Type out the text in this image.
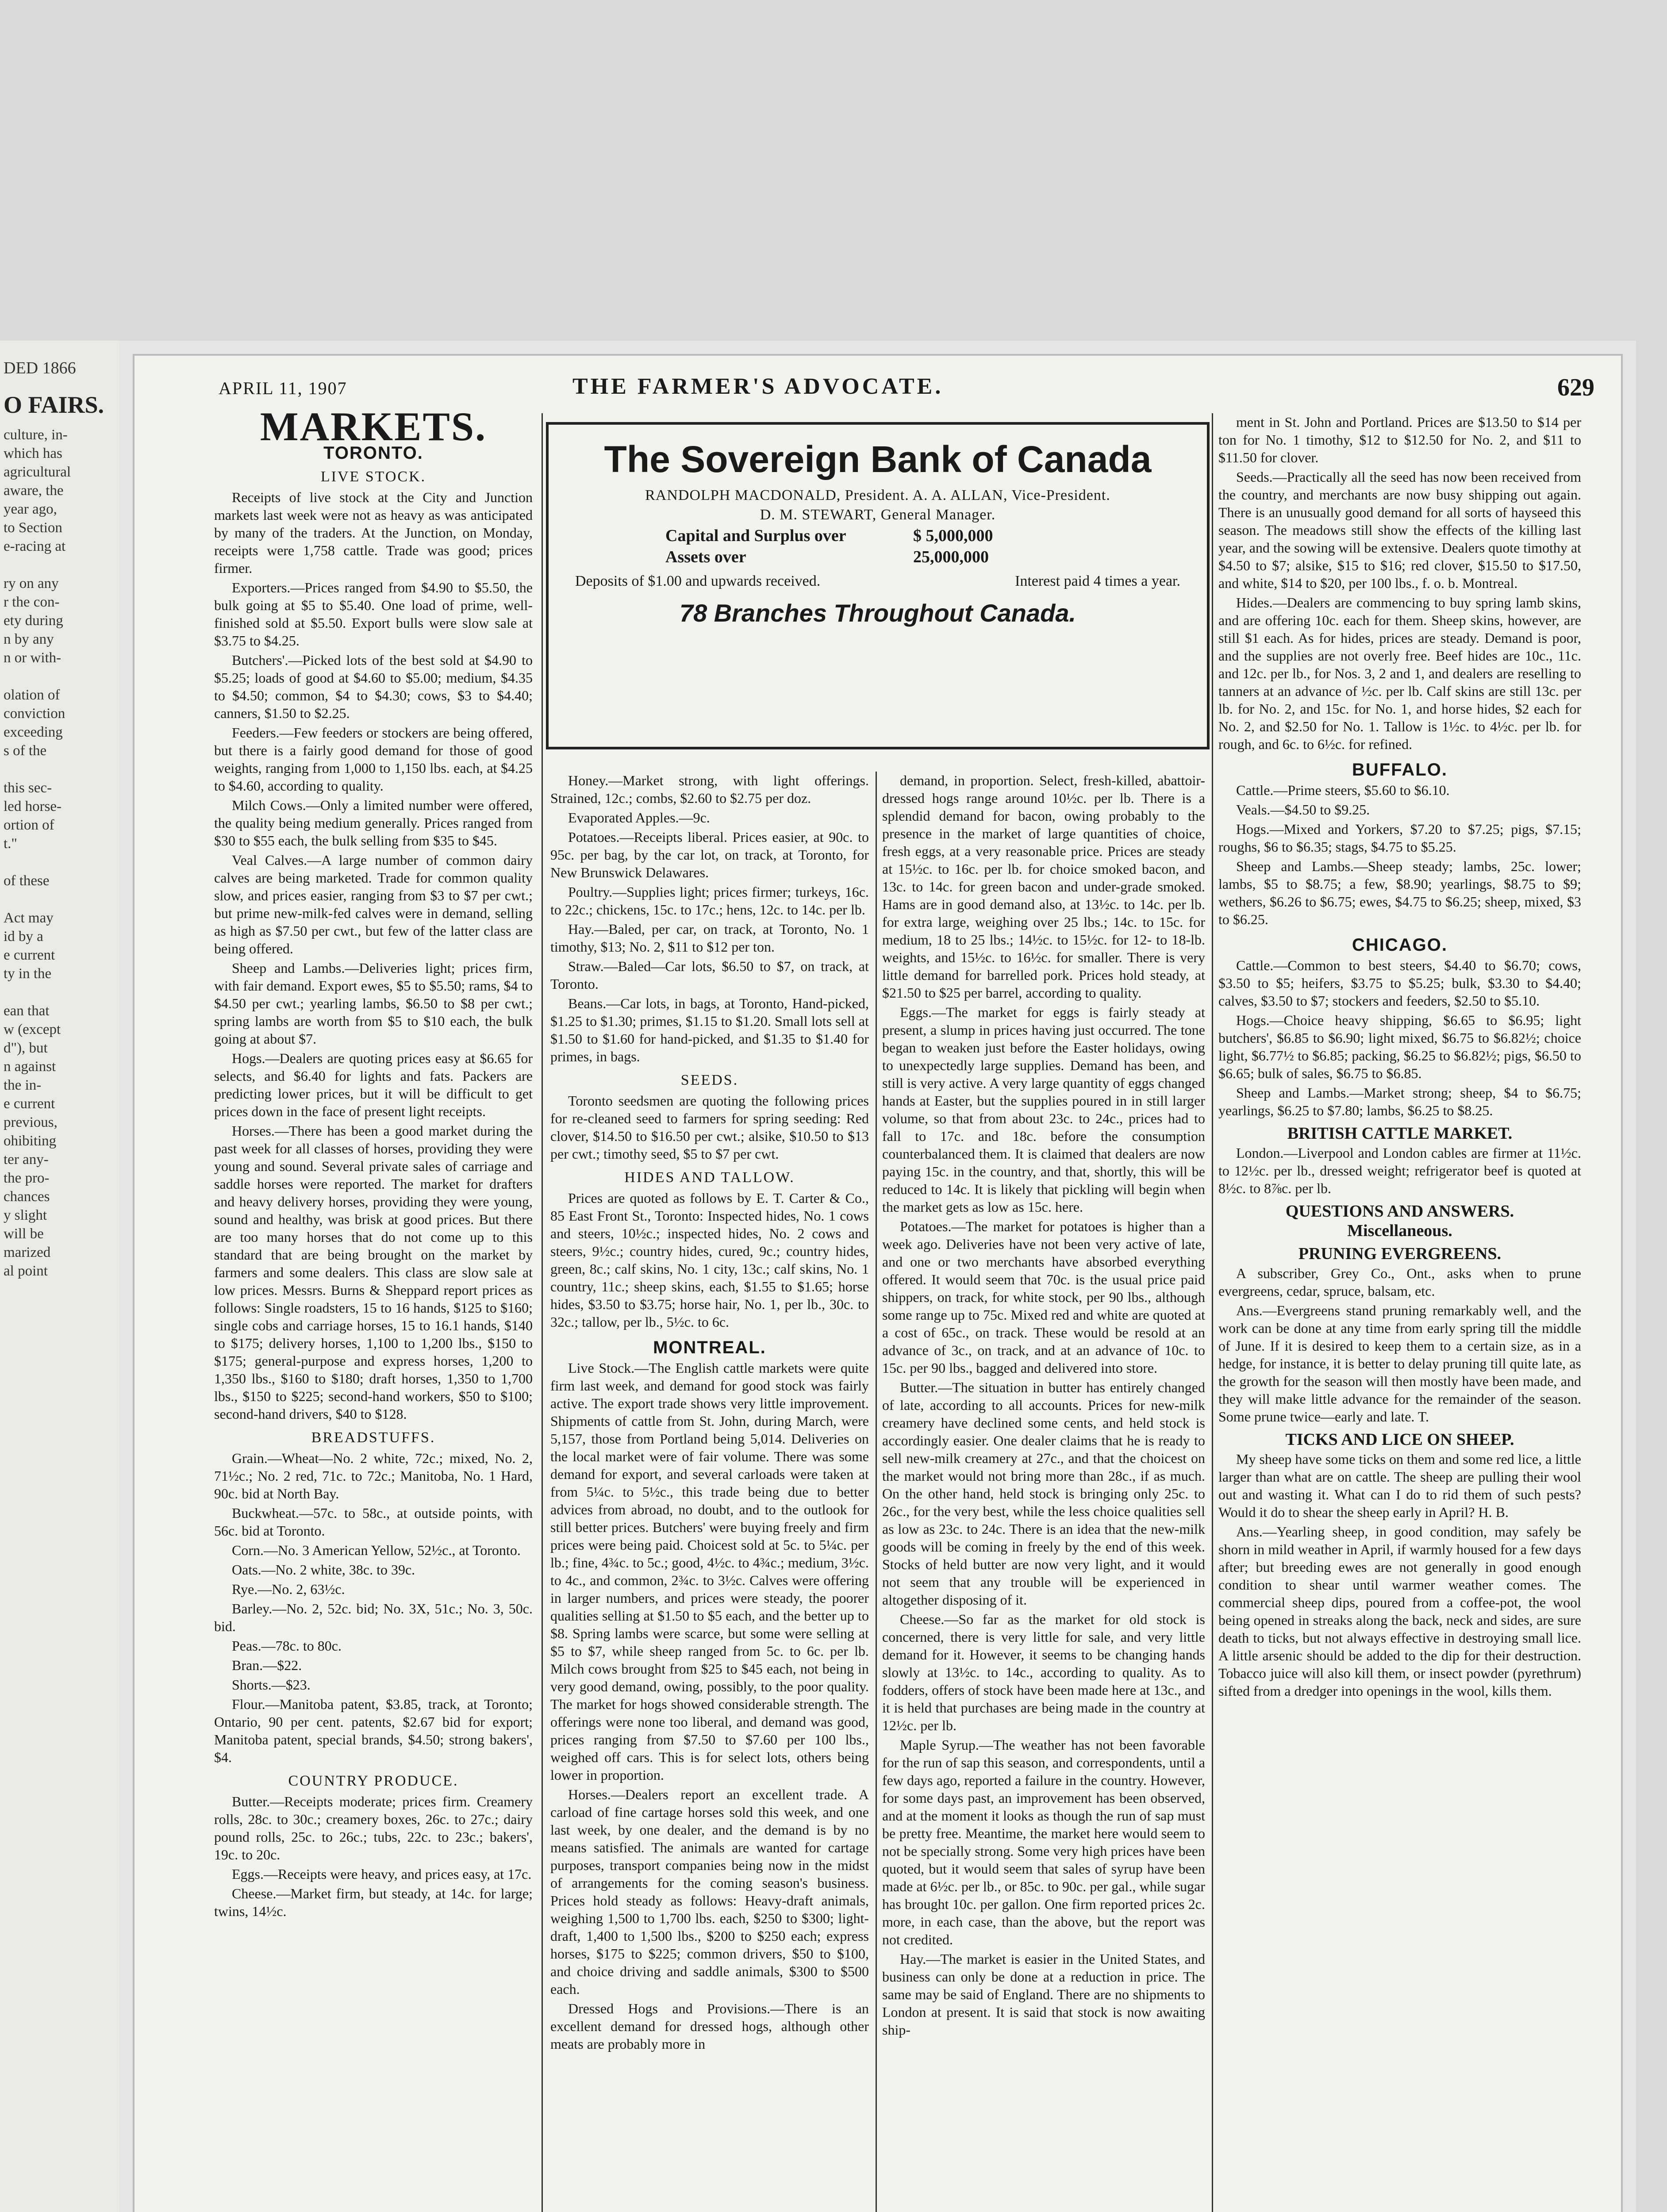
DED 1866
O FAIRS.
culture, in-
which has
agricultural
aware, the
year ago,
to Section
e-racing at

ry on any
r the con-
ety during
n by any
n or with-

olation of
conviction
exceeding
s of the

this sec-
led horse-
ortion of
t."

of these

Act may
id by a
e current
ty in the

ean that
w (except
d"), but
n against
the in-
e current
previous,
ohibiting
ter any-
the pro-
chances
y slight
will be
marized
al point
APRIL 11, 1907	THE FARMER'S ADVOCATE.	629
MARKETS.
TORONTO.
LIVE STOCK.

Receipts of live stock at the City and Junction markets last week were not as heavy as was anticipated by many of the traders. At the Junction, on Monday, receipts were 1,758 cattle. Trade was good; prices firmer.

Exporters.—Prices ranged from $4.90 to $5.50, the bulk going at $5 to $5.40. One load of prime, well-finished sold at $5.50. Export bulls were slow sale at $3.75 to $4.25.

Butchers'.—Picked lots of the best sold at $4.90 to $5.25; loads of good at $4.60 to $5.00; medium, $4.35 to $4.50; common, $4 to $4.30; cows, $3 to $4.40; canners, $1.50 to $2.25.

Feeders.—Few feeders or stockers are being offered, but there is a fairly good demand for those of good weights, ranging from 1,000 to 1,150 lbs. each, at $4.25 to $4.60, according to quality.

Milch Cows.—Only a limited number were offered, the quality being medium generally. Prices ranged from $30 to $55 each, the bulk selling from $35 to $45.

Veal Calves.—A large number of common dairy calves are being marketed. Trade for common quality slow, and prices easier, ranging from $3 to $7 per cwt.; but prime new-milk-fed calves were in demand, selling as high as $7.50 per cwt., but few of the latter class are being offered.

Sheep and Lambs.—Deliveries light; prices firm, with fair demand. Export ewes, $5 to $5.50; rams, $4 to $4.50 per cwt.; yearling lambs, $6.50 to $8 per cwt.; spring lambs are worth from $5 to $10 each, the bulk going at about $7.

Hogs.—Dealers are quoting prices easy at $6.65 for selects, and $6.40 for lights and fats. Packers are predicting lower prices, but it will be difficult to get prices down in the face of present light receipts.

Horses.—There has been a good market during the past week for all classes of horses, providing they were young and sound. Several private sales of carriage and saddle horses were reported. The market for drafters and heavy delivery horses, providing they were young, sound and healthy, was brisk at good prices. But there are too many horses that do not come up to this standard that are being brought on the market by farmers and some dealers. This class are slow sale at low prices. Messrs. Burns & Sheppard report prices as follows: Single roadsters, 15 to 16 hands, $125 to $160; single cobs and carriage horses, 15 to 16.1 hands, $140 to $175; delivery horses, 1,100 to 1,200 lbs., $150 to $175; general-purpose and express horses, 1,200 to 1,350 lbs., $160 to $180; draft horses, 1,350 to 1,700 lbs., $150 to $225; second-hand workers, $50 to $100; second-hand drivers, $40 to $128.

BREADSTUFFS.

Grain.—Wheat—No. 2 white, 72c.; mixed, No. 2, 71½c.; No. 2 red, 71c. to 72c.; Manitoba, No. 1 Hard, 90c. bid at North Bay.

Buckwheat.—57c. to 58c., at outside points, with 56c. bid at Toronto.

Corn.—No. 3 American Yellow, 52½c., at Toronto.

Oats.—No. 2 white, 38c. to 39c.

Rye.—No. 2, 63½c.

Barley.—No. 2, 52c. bid; No. 3X, 51c.; No. 3, 50c. bid.

Peas.—78c. to 80c.

Bran.—$22.

Shorts.—$23.

Flour.—Manitoba patent, $3.85, track, at Toronto; Ontario, 90 per cent. patents, $2.67 bid for export; Manitoba patent, special brands, $4.50; strong bakers', $4.

COUNTRY PRODUCE.

Butter.—Receipts moderate; prices firm. Creamery rolls, 28c. to 30c.; creamery boxes, 26c. to 27c.; dairy pound rolls, 25c. to 26c.; tubs, 22c. to 23c.; bakers', 19c. to 20c.

Eggs.—Receipts were heavy, and prices easy, at 17c.

Cheese.—Market firm, but steady, at 14c. for large; twins, 14½c.

The Sovereign Bank of Canada
RANDOLPH MACDONALD, President. A. A. ALLAN, Vice-President.
D. M. STEWART, General Manager.
Capital and Surplus over	$ 5,000,000
Assets over	25,000,000
Deposits of $1.00 and upwards received.	Interest paid 4 times a year.
78 Branches Throughout Canada.

Honey.—Market strong, with light offerings. Strained, 12c.; combs, $2.60 to $2.75 per doz.

Evaporated Apples.—9c.

Potatoes.—Receipts liberal. Prices easier, at 90c. to 95c. per bag, by the car lot, on track, at Toronto, for New Brunswick Delawares.

Poultry.—Supplies light; prices firmer; turkeys, 16c. to 22c.; chickens, 15c. to 17c.; hens, 12c. to 14c. per lb.

Hay.—Baled, per car, on track, at Toronto, No. 1 timothy, $13; No. 2, $11 to $12 per ton.

Straw.—Baled—Car lots, $6.50 to $7, on track, at Toronto.

Beans.—Car lots, in bags, at Toronto, Hand-picked, $1.25 to $1.30; primes, $1.15 to $1.20. Small lots sell at $1.50 to $1.60 for hand-picked, and $1.35 to $1.40 for primes, in bags.

SEEDS.

Toronto seedsmen are quoting the following prices for re-cleaned seed to farmers for spring seeding: Red clover, $14.50 to $16.50 per cwt.; alsike, $10.50 to $13 per cwt.; timothy seed, $5 to $7 per cwt.

HIDES AND TALLOW.

Prices are quoted as follows by E. T. Carter & Co., 85 East Front St., Toronto: Inspected hides, No. 1 cows and steers, 10½c.; inspected hides, No. 2 cows and steers, 9½c.; country hides, cured, 9c.; country hides, green, 8c.; calf skins, No. 1 city, 13c.; calf skins, No. 1 country, 11c.; sheep skins, each, $1.55 to $1.65; horse hides, $3.50 to $3.75; horse hair, No. 1, per lb., 30c. to 32c.; tallow, per lb., 5½c. to 6c.

MONTREAL.

Live Stock.—The English cattle markets were quite firm last week, and demand for good stock was fairly active. The export trade shows very little improvement. Shipments of cattle from St. John, during March, were 5,157, those from Portland being 5,014. Deliveries on the local market were of fair volume. There was some demand for export, and several carloads were taken at from 5¼c. to 5½c., this trade being due to better advices from abroad, no doubt, and to the outlook for still better prices. Butchers' were buying freely and firm prices were being paid. Choicest sold at 5c. to 5¼c. per lb.; fine, 4¾c. to 5c.; good, 4½c. to 4¾c.; medium, 3½c. to 4c., and common, 2¾c. to 3½c. Calves were offering in larger numbers, and prices were steady, the poorer qualities selling at $1.50 to $5 each, and the better up to $8. Spring lambs were scarce, but some were selling at $5 to $7, while sheep ranged from 5c. to 6c. per lb. Milch cows brought from $25 to $45 each, not being in very good demand, owing, possibly, to the poor quality. The market for hogs showed considerable strength. The offerings were none too liberal, and demand was good, prices ranging from $7.50 to $7.60 per 100 lbs., weighed off cars. This is for select lots, others being lower in proportion.

Horses.—Dealers report an excellent trade. A carload of fine cartage horses sold this week, and one last week, by one dealer, and the demand is by no means satisfied. The animals are wanted for cartage purposes, transport companies being now in the midst of arrangements for the coming season's business. Prices hold steady as follows: Heavy-draft animals, weighing 1,500 to 1,700 lbs. each, $250 to $300; light-draft, 1,400 to 1,500 lbs., $200 to $250 each; express horses, $175 to $225; common drivers, $50 to $100, and choice driving and saddle animals, $300 to $500 each.

Dressed Hogs and Provisions.—There is an excellent demand for dressed hogs, although other meats are probably more in

demand, in proportion. Select, fresh-killed, abattoir-dressed hogs range around 10½c. per lb. There is a splendid demand for bacon, owing probably to the presence in the market of large quantities of choice, fresh eggs, at a very reasonable price. Prices are steady at 15½c. to 16c. per lb. for choice smoked bacon, and 13c. to 14c. for green bacon and under-grade smoked. Hams are in good demand also, at 13½c. to 14c. per lb. for extra large, weighing over 25 lbs.; 14c. to 15c. for medium, 18 to 25 lbs.; 14½c. to 15½c. for 12- to 18-lb. weights, and 15½c. to 16½c. for smaller. There is very little demand for barrelled pork. Prices hold steady, at $21.50 to $25 per barrel, according to quality.

Eggs.—The market for eggs is fairly steady at present, a slump in prices having just occurred. The tone began to weaken just before the Easter holidays, owing to unexpectedly large supplies. Demand has been, and still is very active. A very large quantity of eggs changed hands at Easter, but the supplies poured in in still larger volume, so that from about 23c. to 24c., prices had to fall to 17c. and 18c. before the consumption counterbalanced them. It is claimed that dealers are now paying 15c. in the country, and that, shortly, this will be reduced to 14c. It is likely that pickling will begin when the market gets as low as 15c. here.

Potatoes.—The market for potatoes is higher than a week ago. Deliveries have not been very active of late, and one or two merchants have absorbed everything offered. It would seem that 70c. is the usual price paid shippers, on track, for white stock, per 90 lbs., although some range up to 75c. Mixed red and white are quoted at a cost of 65c., on track. These would be resold at an advance of 3c., on track, and at an advance of 10c. to 15c. per 90 lbs., bagged and delivered into store.

Butter.—The situation in butter has entirely changed of late, according to all accounts. Prices for new-milk creamery have declined some cents, and held stock is accordingly easier. One dealer claims that he is ready to sell new-milk creamery at 27c., and that the choicest on the market would not bring more than 28c., if as much. On the other hand, held stock is bringing only 25c. to 26c., for the very best, while the less choice qualities sell as low as 23c. to 24c. There is an idea that the new-milk goods will be coming in freely by the end of this week. Stocks of held butter are now very light, and it would not seem that any trouble will be experienced in altogether disposing of it.

Cheese.—So far as the market for old stock is concerned, there is very little for sale, and very little demand for it. However, it seems to be changing hands slowly at 13½c. to 14c., according to quality. As to fodders, offers of stock have been made here at 13c., and it is held that purchases are being made in the country at 12½c. per lb.

Maple Syrup.—The weather has not been favorable for the run of sap this season, and correspondents, until a few days ago, reported a failure in the country. However, for some days past, an improvement has been observed, and at the moment it looks as though the run of sap must be pretty free. Meantime, the market here would seem to not be specially strong. Some very high prices have been quoted, but it would seem that sales of syrup have been made at 6½c. per lb., or 85c. to 90c. per gal., while sugar has brought 10c. per gallon. One firm reported prices 2c. more, in each case, than the above, but the report was not credited.

Hay.—The market is easier in the United States, and business can only be done at a reduction in price. The same may be said of England. There are no shipments to London at present. It is said that stock is now awaiting ship-

ment in St. John and Portland. Prices are $13.50 to $14 per ton for No. 1 timothy, $12 to $12.50 for No. 2, and $11 to $11.50 for clover.

Seeds.—Practically all the seed has now been received from the country, and merchants are now busy shipping out again. There is an unusually good demand for all sorts of hayseed this season. The meadows still show the effects of the killing last year, and the sowing will be extensive. Dealers quote timothy at $4.50 to $7; alsike, $15 to $16; red clover, $15.50 to $17.50, and white, $14 to $20, per 100 lbs., f. o. b. Montreal.

Hides.—Dealers are commencing to buy spring lamb skins, and are offering 10c. each for them. Sheep skins, however, are still $1 each. As for hides, prices are steady. Demand is poor, and the supplies are not overly free. Beef hides are 10c., 11c. and 12c. per lb., for Nos. 3, 2 and 1, and dealers are reselling to tanners at an advance of ½c. per lb. Calf skins are still 13c. per lb. for No. 2, and 15c. for No. 1, and horse hides, $2 each for No. 2, and $2.50 for No. 1. Tallow is 1½c. to 4½c. per lb. for rough, and 6c. to 6½c. for refined.

BUFFALO.

Cattle.—Prime steers, $5.60 to $6.10.

Veals.—$4.50 to $9.25.

Hogs.—Mixed and Yorkers, $7.20 to $7.25; pigs, $7.15; roughs, $6 to $6.35; stags, $4.75 to $5.25.

Sheep and Lambs.—Sheep steady; lambs, 25c. lower; lambs, $5 to $8.75; a few, $8.90; yearlings, $8.75 to $9; wethers, $6.26 to $6.75; ewes, $4.75 to $6.25; sheep, mixed, $3 to $6.25.

CHICAGO.

Cattle.—Common to best steers, $4.40 to $6.70; cows, $3.50 to $5; heifers, $3.75 to $5.25; bulk, $3.30 to $4.40; calves, $3.50 to $7; stockers and feeders, $2.50 to $5.10.

Hogs.—Choice heavy shipping, $6.65 to $6.95; light butchers', $6.85 to $6.90; light mixed, $6.75 to $6.82½; choice light, $6.77½ to $6.85; packing, $6.25 to $6.82½; pigs, $6.50 to $6.65; bulk of sales, $6.75 to $6.85.

Sheep and Lambs.—Market strong; sheep, $4 to $6.75; yearlings, $6.25 to $7.80; lambs, $6.25 to $8.25.

BRITISH CATTLE MARKET.

London.—Liverpool and London cables are firmer at 11½c. to 12½c. per lb., dressed weight; refrigerator beef is quoted at 8½c. to 8⅞c. per lb.

QUESTIONS AND ANSWERS.
Miscellaneous.
PRUNING EVERGREENS.

A subscriber, Grey Co., Ont., asks when to prune evergreens, cedar, spruce, balsam, etc.

Ans.—Evergreens stand pruning remarkably well, and the work can be done at any time from early spring till the middle of June. If it is desired to keep them to a certain size, as in a hedge, for instance, it is better to delay pruning till quite late, as the growth for the season will then mostly have been made, and they will make little advance for the remainder of the season. Some prune twice—early and late. T.

TICKS AND LICE ON SHEEP.

My sheep have some ticks on them and some red lice, a little larger than what are on cattle. The sheep are pulling their wool out and wasting it. What can I do to rid them of such pests? Would it do to shear the sheep early in April? H. B.

Ans.—Yearling sheep, in good condition, may safely be shorn in mild weather in April, if warmly housed for a few days after; but breeding ewes are not generally in good enough condition to shear until warmer weather comes. The commercial sheep dips, poured from a coffee-pot, the wool being opened in streaks along the back, neck and sides, are sure death to ticks, but not always effective in destroying small lice. A little arsenic should be added to the dip for their destruction. Tobacco juice will also kill them, or insect powder (pyrethrum) sifted from a dredger into openings in the wool, kills them.
